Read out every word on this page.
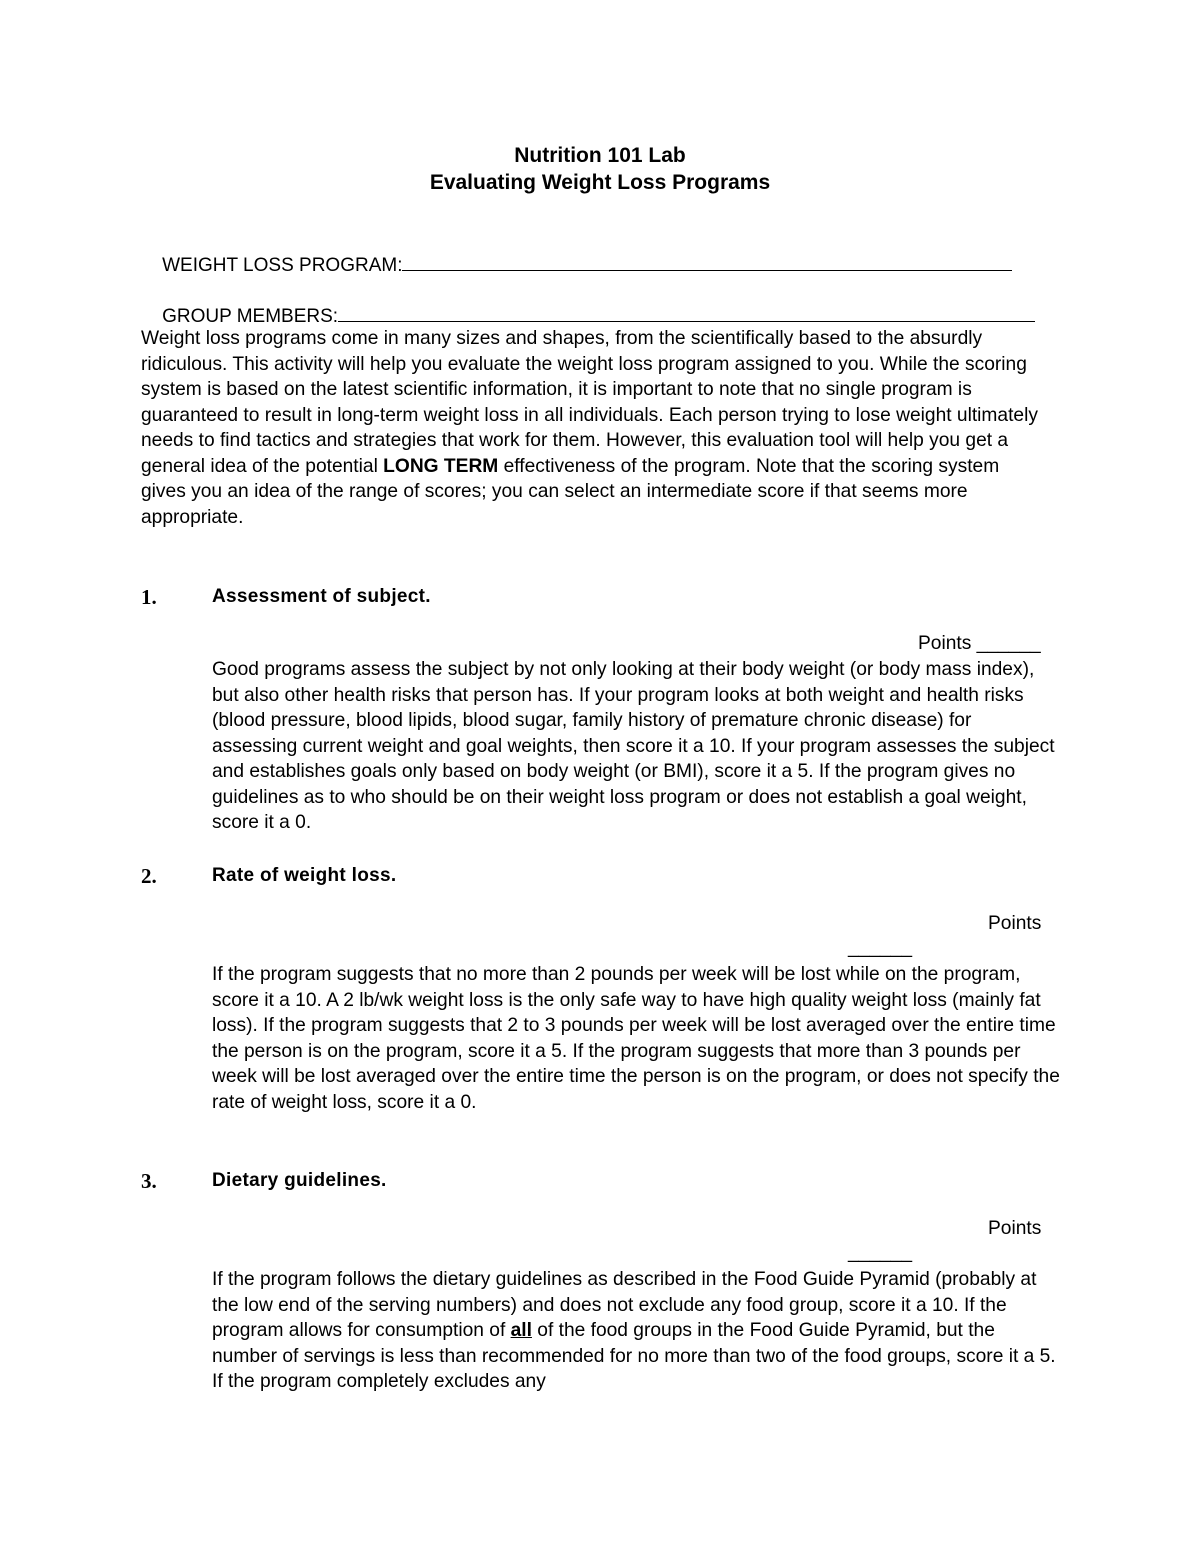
Nutrition 101 Lab
Evaluating Weight Loss Programs

WEIGHT LOSS PROGRAM:

GROUP MEMBERS:

Weight loss programs come in many sizes and shapes, from the scientifically based to the absurdly ridiculous. This activity will help you evaluate the weight loss program assigned to you. While the scoring system is based on the latest scientific information, it is important to note that no single program is guaranteed to result in long-term weight loss in all individuals. Each person trying to lose weight ultimately needs to find tactics and strategies that work for them. However, this evaluation tool will help you get a general idea of the potential LONG TERM effectiveness of the program. Note that the scoring system gives you an idea of the range of scores; you can select an intermediate score if that seems more appropriate.

1.	Assessment of subject.
Points ______

Good programs assess the subject by not only looking at their body weight (or body mass index), but also other health risks that person has. If your program looks at both weight and health risks (blood pressure, blood lipids, blood sugar, family history of premature chronic disease) for assessing current weight and goal weights, then score it a 10. If your program assesses the subject and establishes goals only based on body weight (or BMI), score it a 5. If the program gives no guidelines as to who should be on their weight loss program or does not establish a goal weight, score it a 0.

2.	Rate of weight loss.
Points
______

If the program suggests that no more than 2 pounds per week will be lost while on the program, score it a 10. A 2 lb/wk weight loss is the only safe way to have high quality weight loss (mainly fat loss). If the program suggests that 2 to 3 pounds per week will be lost averaged over the entire time the person is on the program, score it a 5. If the program suggests that more than 3 pounds per week will be lost averaged over the entire time the person is on the program, or does not specify the rate of weight loss, score it a 0.

3.	Dietary guidelines.
Points
______

If the program follows the dietary guidelines as described in the Food Guide Pyramid (probably at the low end of the serving numbers) and does not exclude any food group, score it a 10. If the program allows for consumption of all of the food groups in the Food Guide Pyramid, but the number of servings is less than recommended for no more than two of the food groups, score it a 5. If the program completely excludes any
